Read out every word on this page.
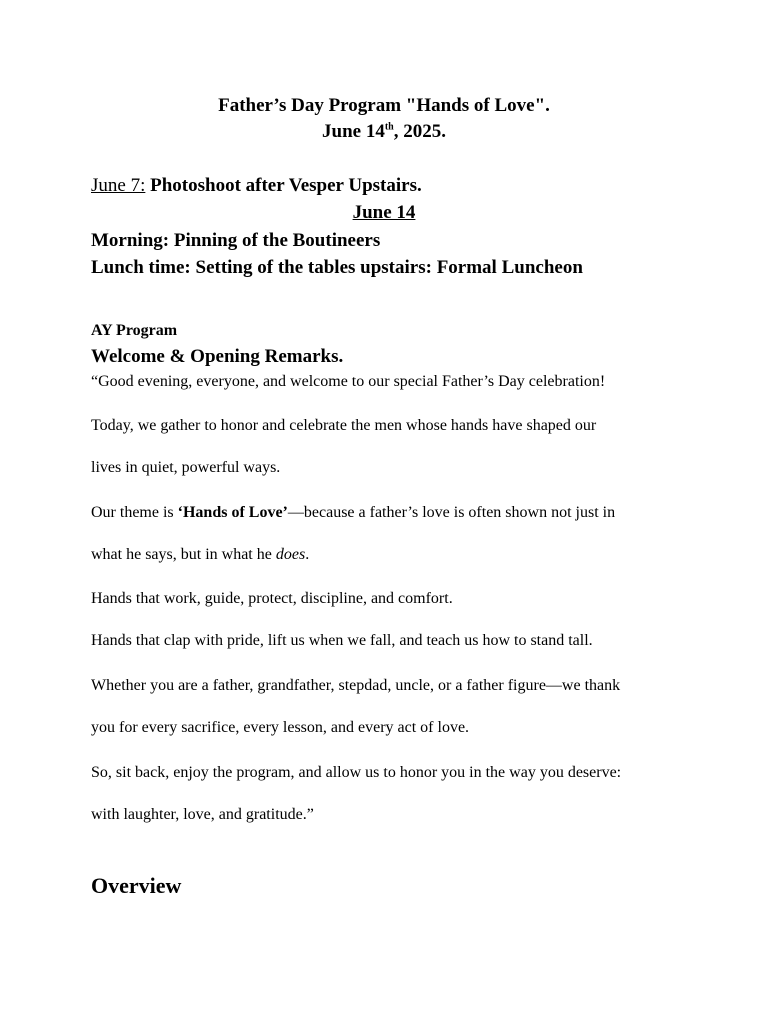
Father’s Day Program "Hands of Love".
June 14th, 2025.
June 7: Photoshoot after Vesper Upstairs.
June 14
Morning: Pinning of the Boutineers
Lunch time: Setting of the tables upstairs: Formal Luncheon
AY Program
Welcome & Opening Remarks.
“Good evening, everyone, and welcome to our special Father’s Day celebration!
Today, we gather to honor and celebrate the men whose hands have shaped our
lives in quiet, powerful ways.
Our theme is ‘Hands of Love’—because a father’s love is often shown not just in
what he says, but in what he does.
Hands that work, guide, protect, discipline, and comfort.
Hands that clap with pride, lift us when we fall, and teach us how to stand tall.
Whether you are a father, grandfather, stepdad, uncle, or a father figure—we thank
you for every sacrifice, every lesson, and every act of love.
So, sit back, enjoy the program, and allow us to honor you in the way you deserve:
with laughter, love, and gratitude.”
Overview
